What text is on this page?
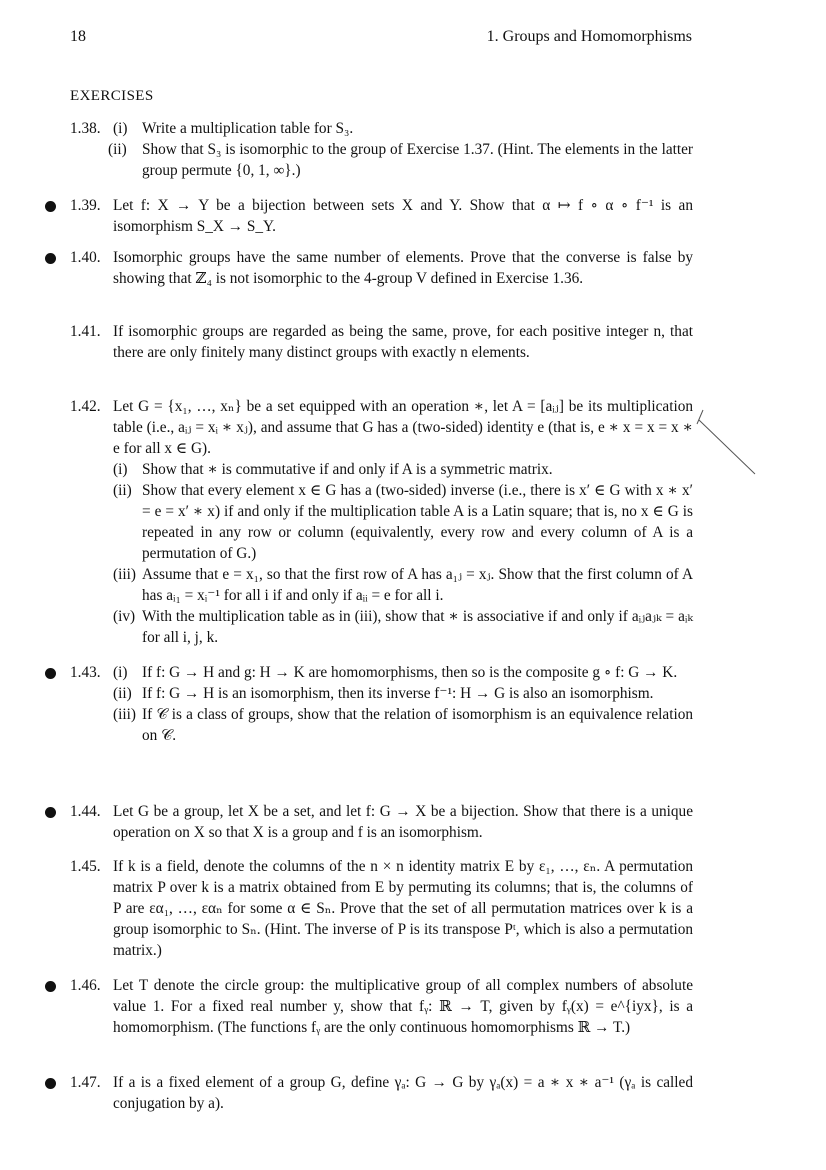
18	1. Groups and Homomorphisms
EXERCISES
1.38. (i) Write a multiplication table for S₃.
(ii) Show that S₃ is isomorphic to the group of Exercise 1.37. (Hint. The elements in the latter group permute {0, 1, ∞}.)
1.39. Let f: X → Y be a bijection between sets X and Y. Show that α ↦ f ∘ α ∘ f⁻¹ is an isomorphism S_X → S_Y.
1.40. Isomorphic groups have the same number of elements. Prove that the converse is false by showing that ℤ₄ is not isomorphic to the 4-group V defined in Exercise 1.36.
1.41. If isomorphic groups are regarded as being the same, prove, for each positive integer n, that there are only finitely many distinct groups with exactly n elements.
1.42. Let G = {x₁, …, xₙ} be a set equipped with an operation ∗, let A = [aᵢⱼ] be its multiplication table (i.e., aᵢⱼ = xᵢ ∗ xⱼ), and assume that G has a (two-sided) identity e (that is, e ∗ x = x = x ∗ e for all x ∈ G).
(i) Show that ∗ is commutative if and only if A is a symmetric matrix.
(ii) Show that every element x ∈ G has a (two-sided) inverse (i.e., there is x′ ∈ G with x ∗ x′ = e = x′ ∗ x) if and only if the multiplication table A is a Latin square; that is, no x ∈ G is repeated in any row or column (equivalently, every row and every column of A is a permutation of G.)
(iii) Assume that e = x₁, so that the first row of A has a₁ⱼ = xⱼ. Show that the first column of A has aᵢ₁ = xᵢ⁻¹ for all i if and only if aᵢᵢ = e for all i.
(iv) With the multiplication table as in (iii), show that ∗ is associative if and only if aᵢⱼaⱼₖ = aᵢₖ for all i, j, k.
1.43. (i) If f: G → H and g: H → K are homomorphisms, then so is the composite g ∘ f: G → K.
(ii) If f: G → H is an isomorphism, then its inverse f⁻¹: H → G is also an isomorphism.
(iii) If 𝒞 is a class of groups, show that the relation of isomorphism is an equivalence relation on 𝒞.
1.44. Let G be a group, let X be a set, and let f: G → X be a bijection. Show that there is a unique operation on X so that X is a group and f is an isomorphism.
1.45. If k is a field, denote the columns of the n × n identity matrix E by ε₁, …, εₙ. A permutation matrix P over k is a matrix obtained from E by permuting its columns; that is, the columns of P are εα₁, …, εαₙ for some α ∈ Sₙ. Prove that the set of all permutation matrices over k is a group isomorphic to Sₙ. (Hint. The inverse of P is its transpose Pᵗ, which is also a permutation matrix.)
1.46. Let T denote the circle group: the multiplicative group of all complex numbers of absolute value 1. For a fixed real number y, show that fᵧ: ℝ → T, given by fᵧ(x) = e^{iyx}, is a homomorphism. (The functions fᵧ are the only continuous homomorphisms ℝ → T.)
1.47. If a is a fixed element of a group G, define γₐ: G → G by γₐ(x) = a ∗ x ∗ a⁻¹ (γₐ is called conjugation by a).
